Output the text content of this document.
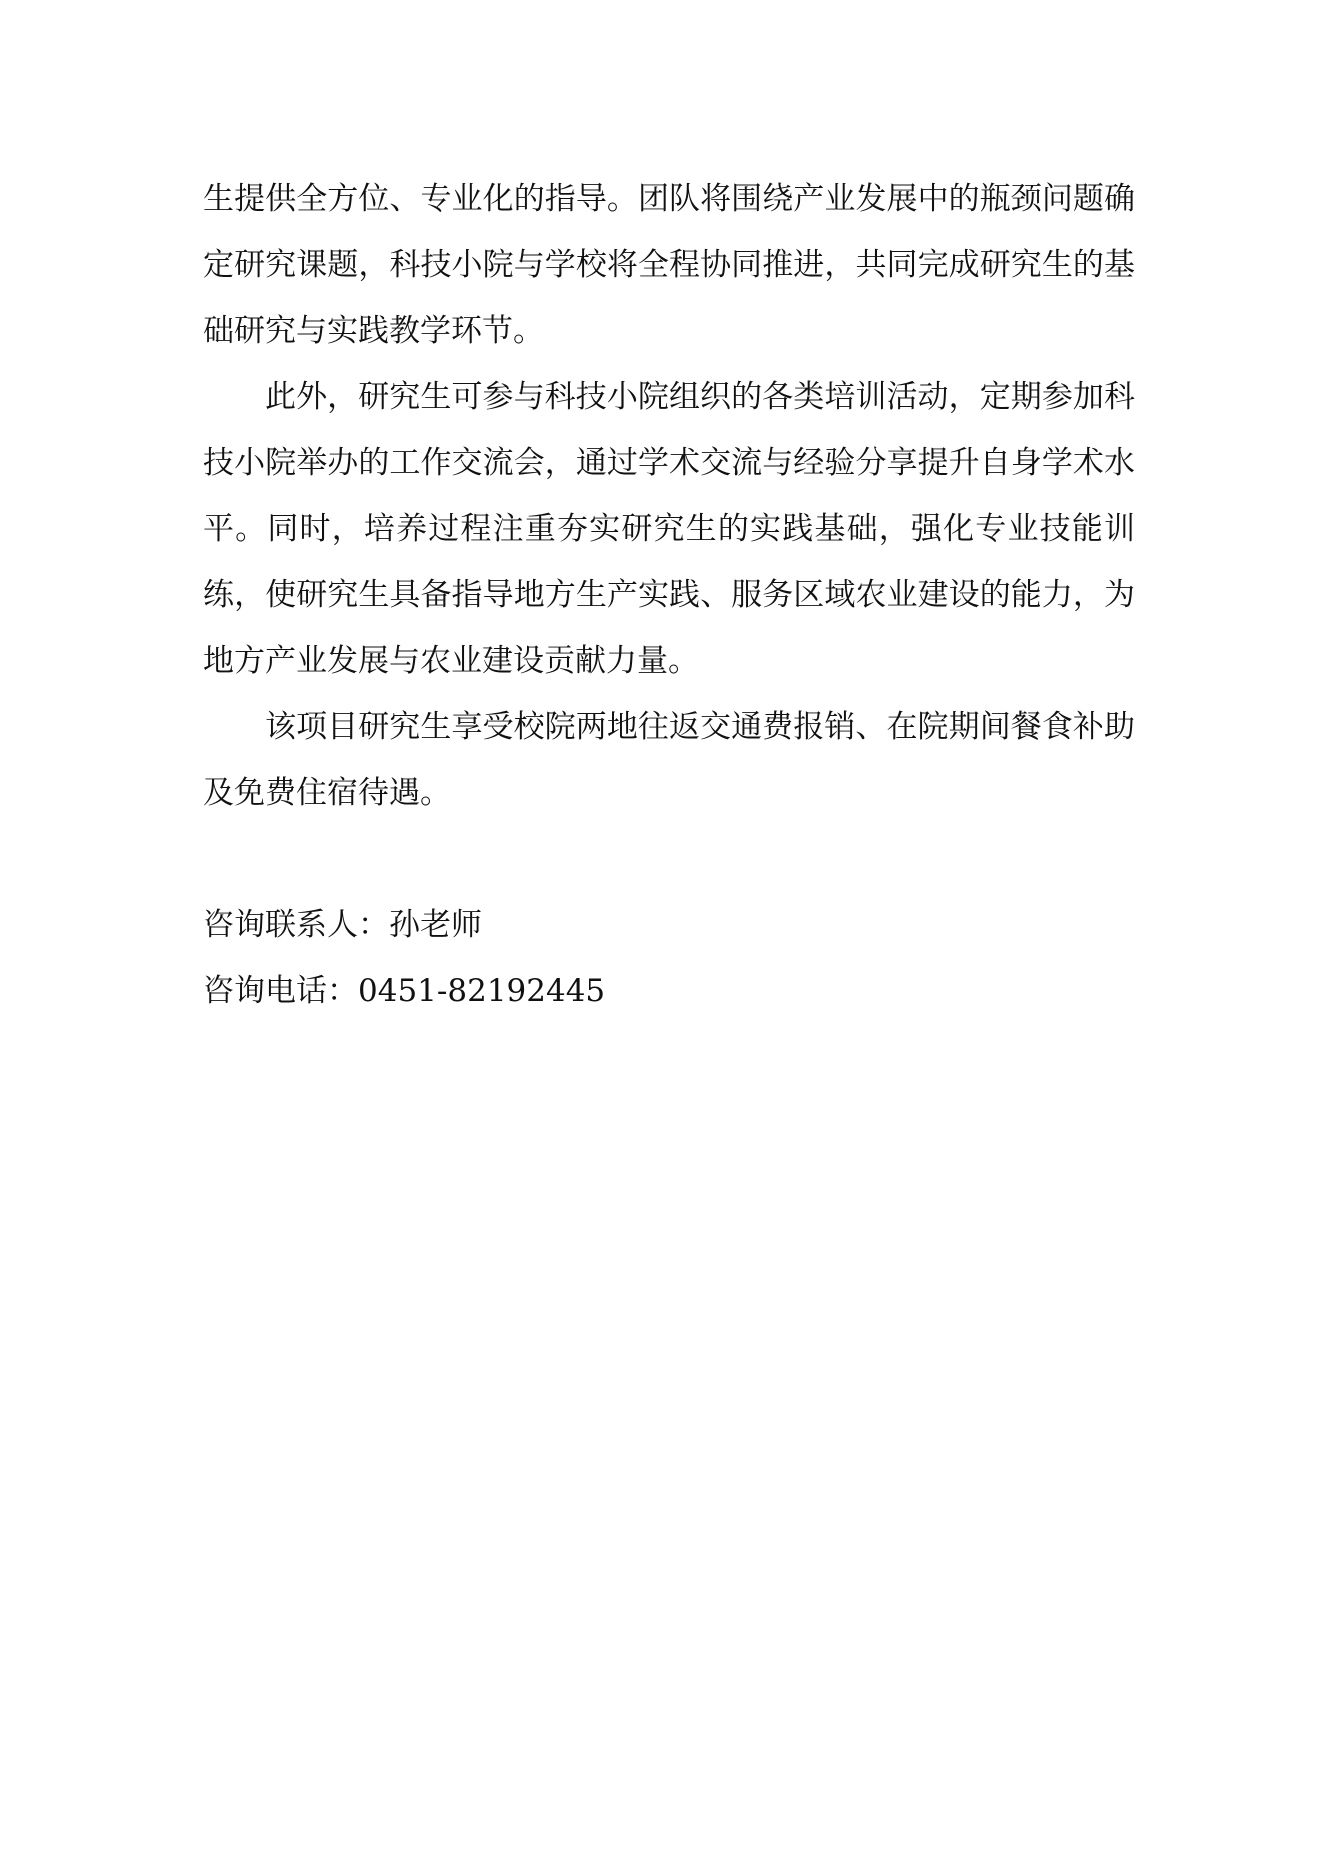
生提供全方位、专业化的指导。团队将围绕产业发展中的瓶颈问题确定研究课题，科技小院与学校将全程协同推进，共同完成研究生的基础研究与实践教学环节。

此外，研究生可参与科技小院组织的各类培训活动，定期参加科技小院举办的工作交流会，通过学术交流与经验分享提升自身学术水平。同时，培养过程注重夯实研究生的实践基础，强化专业技能训练，使研究生具备指导地方生产实践、服务区域农业建设的能力，为地方产业发展与农业建设贡献力量。

该项目研究生享受校院两地往返交通费报销、在院期间餐食补助及免费住宿待遇。

咨询联系人：孙老师

咨询电话：0451-82192445
